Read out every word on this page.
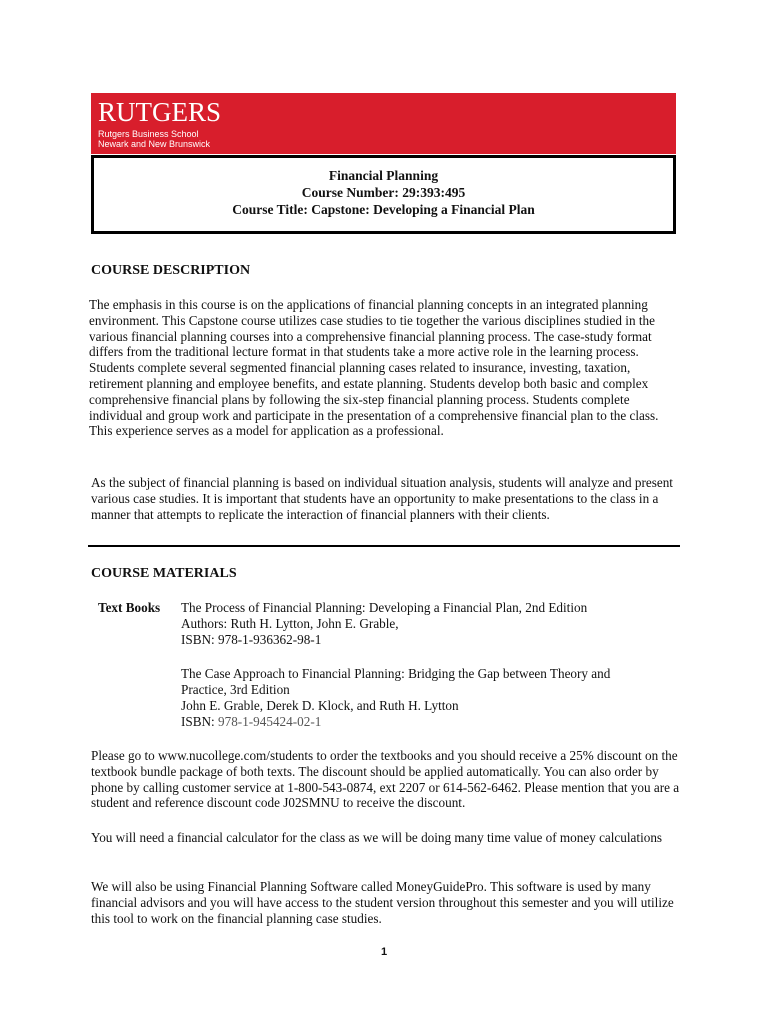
RUTGERS
Rutgers Business School
Newark and New Brunswick
Financial Planning
Course Number: 29:393:495
Course Title: Capstone: Developing a Financial Plan
COURSE DESCRIPTION

The emphasis in this course is on the applications of financial planning concepts in an integrated planning environment. This Capstone course utilizes case studies to tie together the various disciplines studied in the various financial planning courses into a comprehensive financial planning process. The case-study format differs from the traditional lecture format in that students take a more active role in the learning process. Students complete several segmented financial planning cases related to insurance, investing, taxation, retirement planning and employee benefits, and estate planning. Students develop both basic and complex comprehensive financial plans by following the six-step financial planning process. Students complete individual and group work and participate in the presentation of a comprehensive financial plan to the class. This experience serves as a model for application as a professional.

As the subject of financial planning is based on individual situation analysis, students will analyze and present various case studies. It is important that students have an opportunity to make presentations to the class in a manner that attempts to replicate the interaction of financial planners with their clients.

COURSE MATERIALS
Text Books The Process of Financial Planning: Developing a Financial Plan, 2nd Edition
Authors: Ruth H. Lytton, John E. Grable,
ISBN: 978-1-936362-98-1
The Case Approach to Financial Planning: Bridging the Gap between Theory and
Practice, 3rd Edition
John E. Grable, Derek D. Klock, and Ruth H. Lytton
ISBN: 978-1-945424-02-1

Please go to www.nucollege.com/students to order the textbooks and you should receive a 25% discount on the textbook bundle package of both texts. The discount should be applied automatically. You can also order by phone by calling customer service at 1-800-543-0874, ext 2207 or 614-562-6462. Please mention that you are a student and reference discount code J02SMNU to receive the discount.

You will need a financial calculator for the class as we will be doing many time value of money calculations

We will also be using Financial Planning Software called MoneyGuidePro. This software is used by many financial advisors and you will have access to the student version throughout this semester and you will utilize this tool to work on the financial planning case studies.

1
